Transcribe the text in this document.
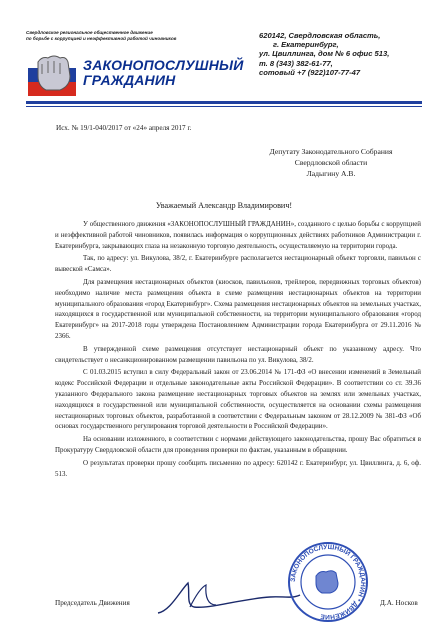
Свердловское региональное общественное движение
по борьбе с коррупцией и неэффективной работой чиновников
ЗАКОНОПОСЛУШНЫЙ
ГРАЖДАНИН
620142, Свердловская область,
г. Екатеринбург,
ул. Цвиллинга, дом № 6 офис 513,
т. 8 (343) 382-61-77,
сотовый +7 (922)107-77-47
Исх. № 19/1-040/2017 от «24» апреля 2017 г.
Депутату Законодательного Собрания
Свердловской области
Ладыгину А.В.
Уважаемый Александр Владимирович!

У общественного движения «ЗАКОНОПОСЛУШНЫЙ ГРАЖДАНИН», созданного с целью борьбы с коррупцией и неэффективной работой чиновников, появилась информация о коррупционных действиях работников Администрации г. Екатеринбурга, закрывающих глаза на незаконную торговую деятельность, осуществляемую на территории города.

Так, по адресу: ул. Викулова, 38/2, г. Екатеринбурге располагается нестационарный объект торговли, павильон с вывеской «Самса».

Для размещения нестационарных объектов (киосков, павильонов, трейлеров, передвижных торговых объектов) необходимо наличие места размещения объекта в схеме размещения нестационарных объектов на территории муниципального образования «город Екатеринбург». Схема размещения нестационарных объектов на земельных участках, находящихся в государственной или муниципальной собственности, на территории муниципального образования «город Екатеринбург» на 2017-2018 годы утверждена Постановлением Администрации города Екатеринбурга от 29.11.2016 № 2366.

В утвержденной схеме размещения отсутствует нестационарный объект по указанному адресу. Что свидетельствует о несанкционированном размещении павильона по ул. Викулова, 38/2.

С 01.03.2015 вступил в силу Федеральный закон от 23.06.2014 № 171-ФЗ «О внесении изменений в Земельный кодекс Российской Федерации и отдельные законодательные акты Российской Федерации». В соответствии со ст. 39.36 указанного Федерального закона размещение нестационарных торговых объектов на землях или земельных участках, находящихся в государственной или муниципальной собственности, осуществляется на основании схемы размещения нестационарных торговых объектов, разработанной в соответствии с Федеральным законом от 28.12.2009 № 381-ФЗ «Об основах государственного регулирования торговой деятельности в Российской Федерации».

На основании изложенного, в соответствии с нормами действующего законодательства, прошу Вас обратиться в Прокуратуру Свердловской области для проведения проверки по фактам, указанным в обращении.

О результатах проверки прошу сообщить письменно по адресу: 620142 г. Екатеринбург, ул. Цвиллинга, д. 6, оф. 513.

ЗАКОНОПОСЛУШНЫЙ ГРАЖДАНИН * ДВИЖЕНИЕ
Председатель Движения	Д.А. Носков
